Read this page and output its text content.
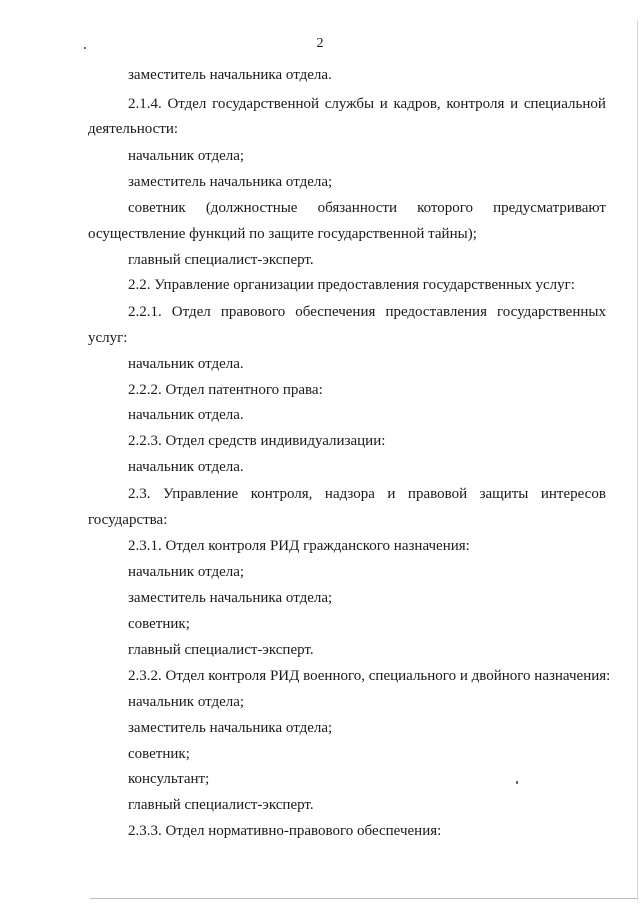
2
заместитель начальника отдела.
2.1.4. Отдел государственной службы и кадров, контроля и специальной
деятельности:
начальник отдела;
заместитель начальника отдела;
советник (должностные обязанности которого предусматривают
осуществление функций по защите государственной тайны);
главный специалист-эксперт.
2.2. Управление организации предоставления государственных услуг:
2.2.1. Отдел правового обеспечения предоставления государственных
услуг:
начальник отдела.
2.2.2. Отдел патентного права:
начальник отдела.
2.2.3. Отдел средств индивидуализации:
начальник отдела.
2.3. Управление контроля, надзора и правовой защиты интересов
государства:
2.3.1. Отдел контроля РИД гражданского назначения:
начальник отдела;
заместитель начальника отдела;
советник;
главный специалист-эксперт.
2.3.2. Отдел контроля РИД военного, специального и двойного назначения:
начальник отдела;
заместитель начальника отдела;
советник;
консультант;
главный специалист-эксперт.
2.3.3. Отдел нормативно-правового обеспечения:
